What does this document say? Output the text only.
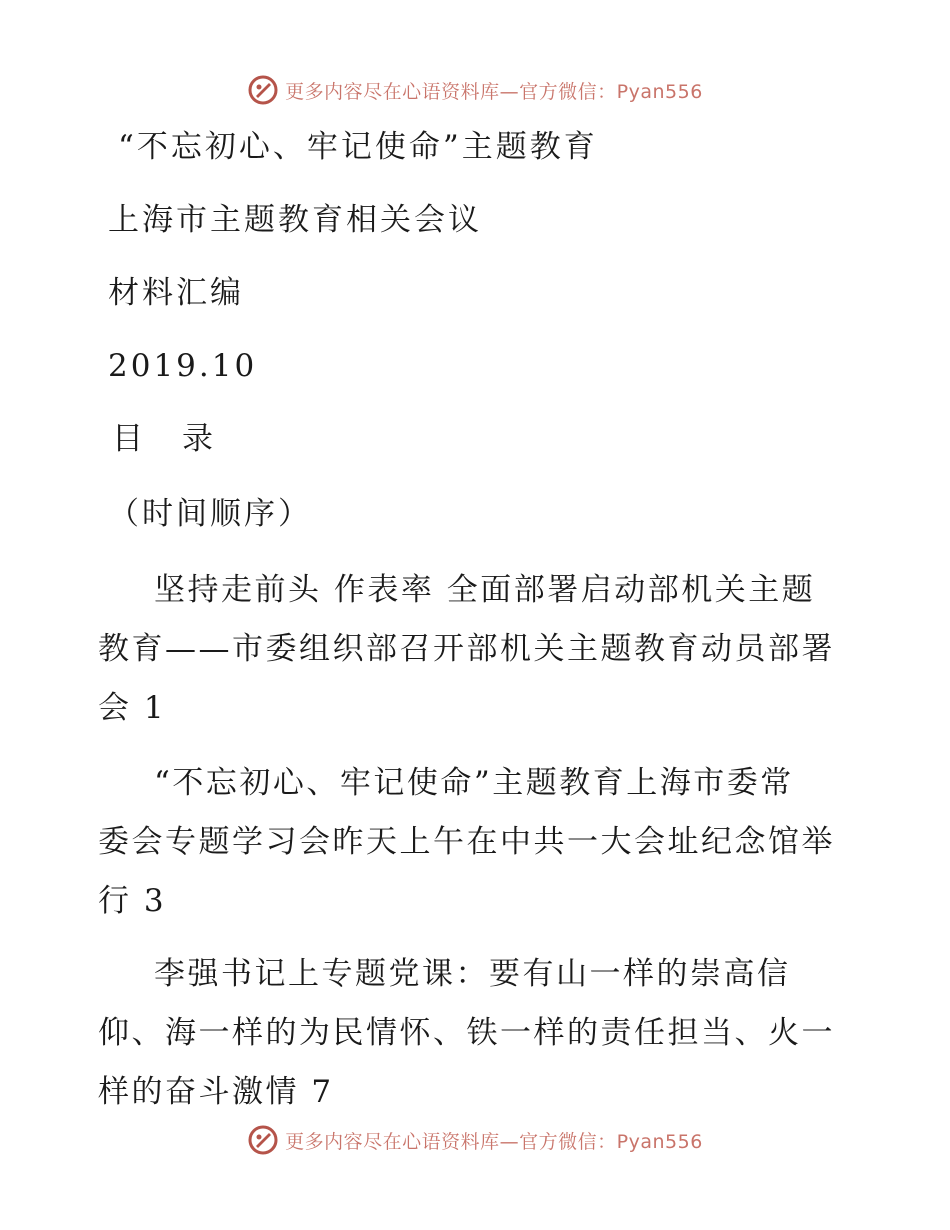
更多内容尽在心语资料库—官方微信：Pyan556
“不忘初心、牢记使命”主题教育
上海市主题教育相关会议
材料汇编
2019.10
目　录
（时间顺序）
坚持走前头 作表率 全面部署启动部机关主题
教育——市委组织部召开部机关主题教育动员部署
会 1
“不忘初心、牢记使命”主题教育上海市委常
委会专题学习会昨天上午在中共一大会址纪念馆举
行 3
李强书记上专题党课：要有山一样的崇高信
仰、海一样的为民情怀、铁一样的责任担当、火一
样的奋斗激情 7
更多内容尽在心语资料库—官方微信：Pyan556
